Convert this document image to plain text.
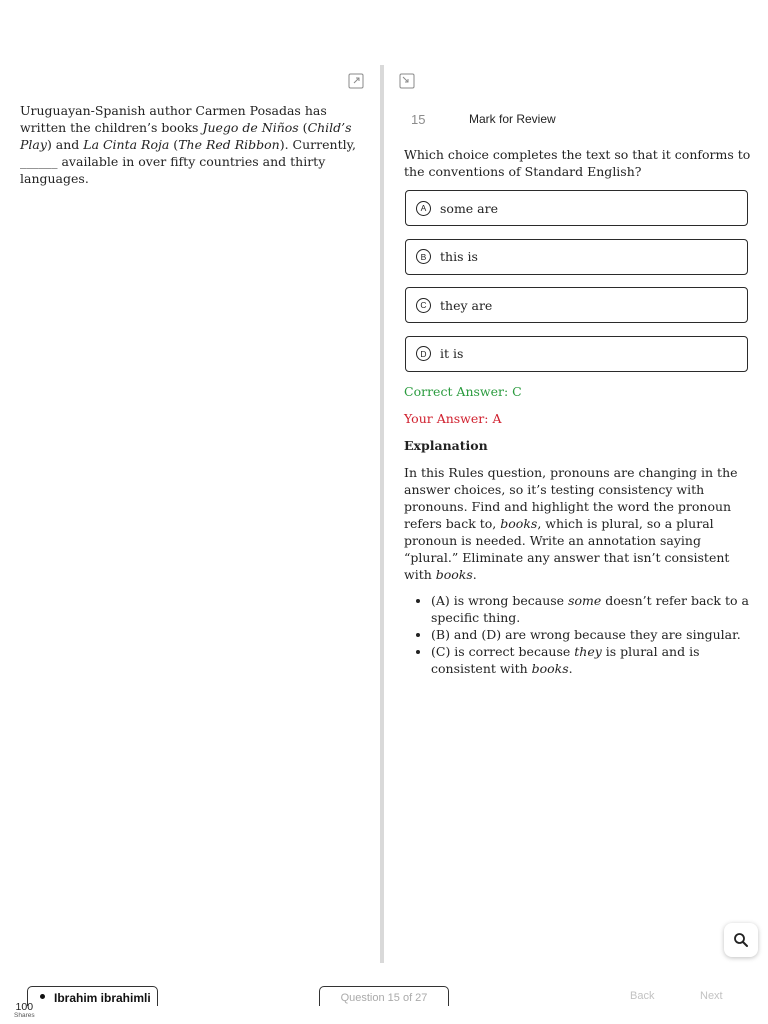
Uruguayan-Spanish author Carmen Posadas has written the children’s books Juego de Niños (Child’s Play) and La Cinta Roja (The Red Ribbon). Currently, ______ available in over fifty countries and thirty languages.
15	Mark for Review
Which choice completes the text so that it conforms to the conventions of Standard English?
A	some are
B	this is
C	they are
D	it is
Correct Answer: C
Your Answer: A
Explanation
In this Rules question, pronouns are changing in the answer choices, so it’s testing consistency with pronouns. Find and highlight the word the pronoun refers back to, books, which is plural, so a plural pronoun is needed. Write an annotation saying “plural.” Eliminate any answer that isn’t consistent with books.
• (A) is wrong because some doesn’t refer back to a specific thing.
• (B) and (D) are wrong because they are singular.
• (C) is correct because they is plural and is consistent with books.
Ibrahim ibrahimli	Question 15 of 27	Back	Next
100
Shares
